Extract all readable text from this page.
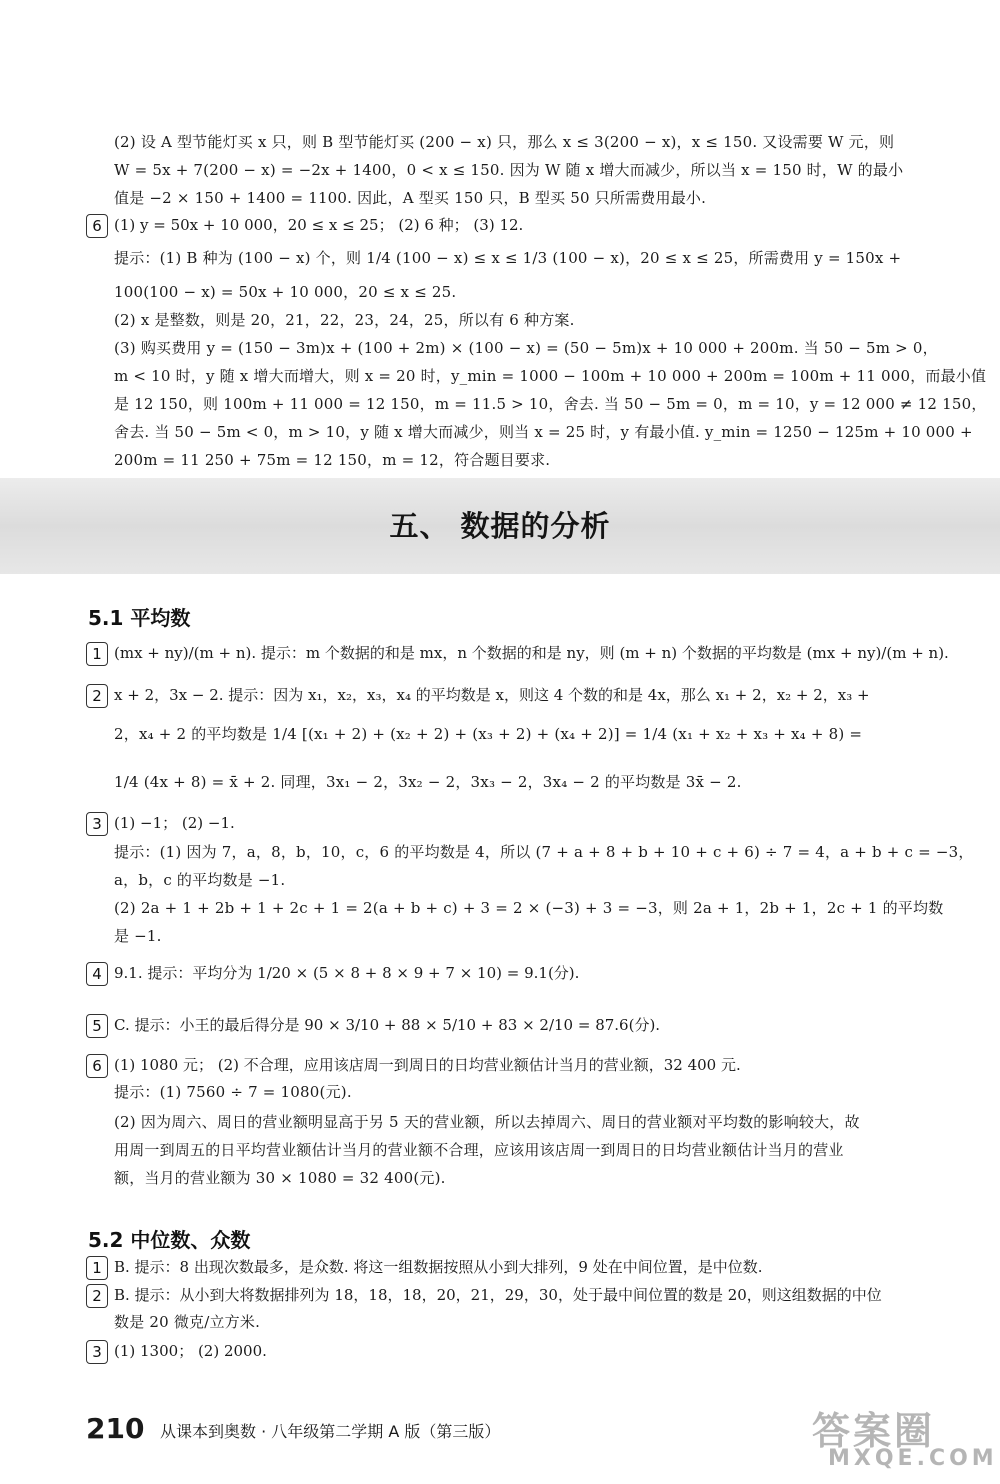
(2) 设 A 型节能灯买 x 只，则 B 型节能灯买 (200 − x) 只，那么 x ≤ 3(200 − x)，x ≤ 150. 又设需要 W 元，则
W = 5x + 7(200 − x) = −2x + 1400，0 < x ≤ 150. 因为 W 随 x 增大而减少，所以当 x = 150 时，W 的最小
值是 −2 × 150 + 1400 = 1100. 因此，A 型买 150 只，B 型买 50 只所需费用最小.
6 (1) y = 50x + 10 000，20 ≤ x ≤ 25； (2) 6 种； (3) 12.
提示：(1) B 种为 (100 − x) 个，则 1/4 (100 − x) ≤ x ≤ 1/3 (100 − x)，20 ≤ x ≤ 25，所需费用 y = 150x +
100(100 − x) = 50x + 10 000，20 ≤ x ≤ 25.
(2) x 是整数，则是 20，21，22，23，24，25，所以有 6 种方案.
(3) 购买费用 y = (150 − 3m)x + (100 + 2m) × (100 − x) = (50 − 5m)x + 10 000 + 200m. 当 50 − 5m > 0，
m < 10 时，y 随 x 增大而增大，则 x = 20 时，y_min = 1000 − 100m + 10 000 + 200m = 100m + 11 000，而最小值
是 12 150，则 100m + 11 000 = 12 150，m = 11.5 > 10，舍去. 当 50 − 5m = 0，m = 10，y = 12 000 ≠ 12 150，
舍去. 当 50 − 5m < 0，m > 10，y 随 x 增大而减少，则当 x = 25 时，y 有最小值. y_min = 1250 − 125m + 10 000 +
200m = 11 250 + 75m = 12 150，m = 12，符合题目要求.
五、 数据的分析
5.1 平均数
1 (mx + ny)/(m + n). 提示：m 个数据的和是 mx，n 个数据的和是 ny，则 (m + n) 个数据的平均数是 (mx + ny)/(m + n).
2 x + 2，3x − 2. 提示：因为 x₁，x₂，x₃，x₄ 的平均数是 x，则这 4 个数的和是 4x，那么 x₁ + 2，x₂ + 2，x₃ +
2，x₄ + 2 的平均数是 1/4 [(x₁ + 2) + (x₂ + 2) + (x₃ + 2) + (x₄ + 2)] = 1/4 (x₁ + x₂ + x₃ + x₄ + 8) =
1/4 (4x + 8) = x̄ + 2. 同理，3x₁ − 2，3x₂ − 2，3x₃ − 2，3x₄ − 2 的平均数是 3x̄ − 2.
3 (1) −1； (2) −1.
提示：(1) 因为 7，a，8，b，10，c，6 的平均数是 4，所以 (7 + a + 8 + b + 10 + c + 6) ÷ 7 = 4，a + b + c = −3，
a，b，c 的平均数是 −1.
(2) 2a + 1 + 2b + 1 + 2c + 1 = 2(a + b + c) + 3 = 2 × (−3) + 3 = −3，则 2a + 1，2b + 1，2c + 1 的平均数
是 −1.
4 9.1. 提示：平均分为 1/20 × (5 × 8 + 8 × 9 + 7 × 10) = 9.1(分).
5 C. 提示：小王的最后得分是 90 × 3/10 + 88 × 5/10 + 83 × 2/10 = 87.6(分).
6 (1) 1080 元； (2) 不合理，应用该店周一到周日的日均营业额估计当月的营业额，32 400 元.
提示：(1) 7560 ÷ 7 = 1080(元).
(2) 因为周六、周日的营业额明显高于另 5 天的营业额，所以去掉周六、周日的营业额对平均数的影响较大，故
用周一到周五的日平均营业额估计当月的营业额不合理，应该用该店周一到周日的日均营业额估计当月的营业
额，当月的营业额为 30 × 1080 = 32 400(元).
5.2 中位数、众数
1 B. 提示：8 出现次数最多，是众数. 将这一组数据按照从小到大排列，9 处在中间位置，是中位数.
2 B. 提示：从小到大将数据排列为 18，18，18，20，21，29，30，处于最中间位置的数是 20，则这组数据的中位
数是 20 微克/立方米.
3 (1) 1300； (2) 2000.
210 从课本到奥数 · 八年级第二学期 A 版（第三版）	答案圈
MXQE.COM
